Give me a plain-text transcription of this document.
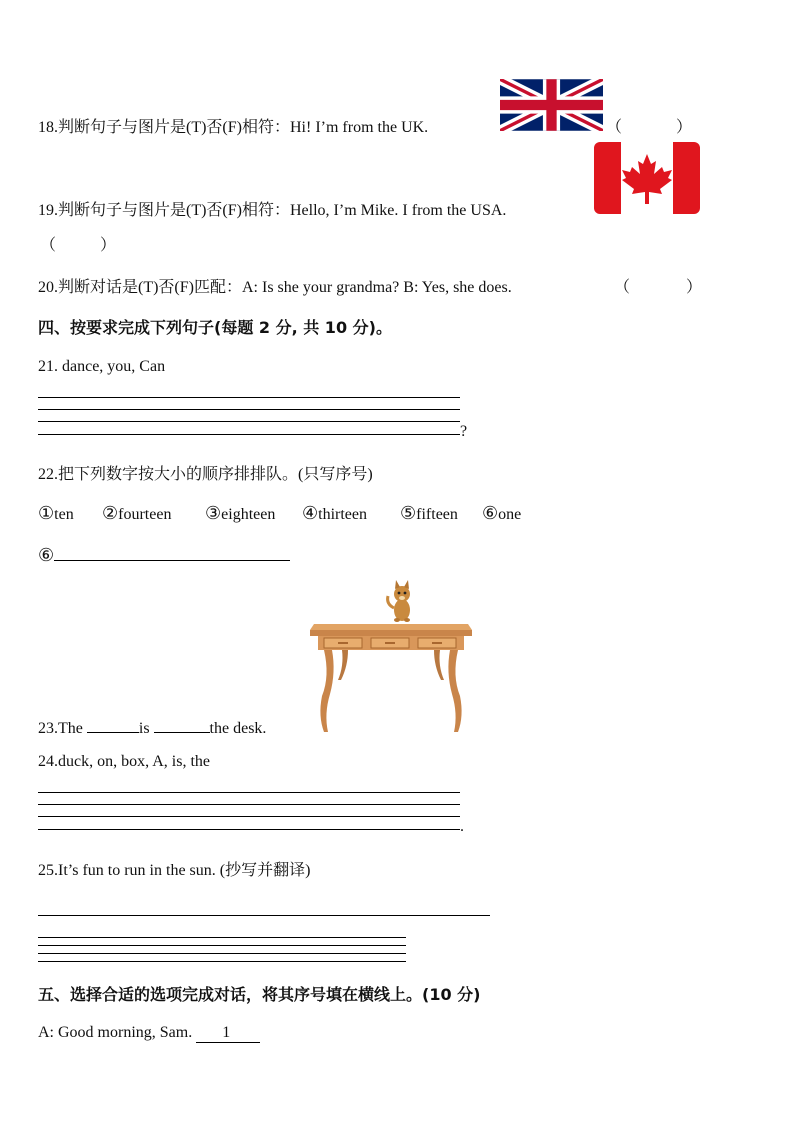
18.判断句子与图片是(T)否(F)相符：Hi! I’m from the UK.	（	）
19.判断句子与图片是(T)否(F)相符：Hello, I’m Mike. I from the USA.
（	）
20.判断对话是(T)否(F)匹配：A: Is she your grandma? B: Yes, she does.	（	）
四、按要求完成下列句子(每题 2 分, 共 10 分)。
21. dance, you, Can
?
22.把下列数字按大小的顺序排排队。(只写序号)
①ten ②fourteen ③eighteen ④thirteen ⑤fifteen ⑥one
⑥
23.The	is	the desk.
24.duck, on, box, A, is, the
.
25.It’s fun to run in the sun. (抄写并翻译)
五、选择合适的选项完成对话，将其序号填在横线上。(10 分)
A: Good morning, Sam. 1
